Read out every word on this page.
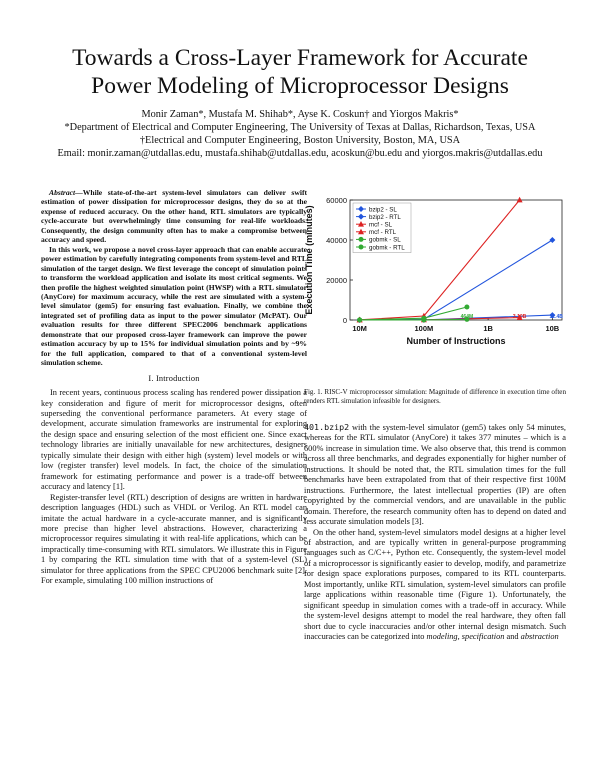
Towards a Cross-Layer Framework for Accurate
Power Modeling of Microprocessor Designs
Monir Zaman*, Mustafa M. Shihab*, Ayse K. Coskun† and Yiorgos Makris*
*Department of Electrical and Computer Engineering, The University of Texas at Dallas, Richardson, Texas, USA
†Electrical and Computer Engineering, Boston University, Boston, MA, USA
Email: monir.zaman@utdallas.edu, mustafa.shihab@utdallas.edu, acoskun@bu.edu and yiorgos.makris@utdallas.edu

Abstract—While state-of-the-art system-level simulators can deliver swift estimation of power dissipation for microprocessor designs, they do so at the expense of reduced accuracy. On the other hand, RTL simulators are typically cycle-accurate but overwhelmingly time consuming for real-life workloads. Consequently, the design community often has to make a compromise between accuracy and speed.

In this work, we propose a novel cross-layer approach that can enable accurate power estimation by carefully integrating components from system-level and RTL simulation of the target design. We first leverage the concept of simulation points to transform the workload application and isolate its most critical segments. We then profile the highest weighted simulation point (HWSP) with a RTL simulator (AnyCore) for maximum accuracy, while the rest are simulated with a system-level simulator (gem5) for ensuring fast evaluation. Finally, we combine the integrated set of profiling data as input to the power simulator (McPAT). Our evaluation results for three different SPEC2006 benchmark applications demonstrate that our proposed cross-layer framework can improve the power estimation accuracy by up to 15% for individual simulation points and by ~9% for the full application, compared to that of a conventional system-level simulation scheme.

I. Introduction

In recent years, continuous process scaling has rendered power dissipation a key consideration and figure of merit for microprocessor designs, often superseding the conventional performance parameters. At every stage of development, accurate simulation frameworks are instrumental for exploring the design space and ensuring selection of the most efficient one. Since exact technology libraries are initially unavailable for new architectures, designers typically simulate their design with either high (system) level models or with low (register transfer) level models. In fact, the choice of the simulation framework for estimating performance and power is a trade-off between accuracy and latency [1].

Register-transfer level (RTL) description of designs are written in hardware description languages (HDL) such as VHDL or Verilog. An RTL model can imitate the actual hardware in a cycle-accurate manner, and is significantly more precise than higher level abstractions. However, characterizing a microprocessor requires simulating it with real-life applications, which can be impractically time-consuming with RTL simulators. We illustrate this in Figure 1 by comparing the RTL simulation time with that of a system-level (SL) simulator for three applications from the SPEC CPU2006 benchmark suite [2]. For example, simulating 100 million instructions of

0
20000
40000
60000
10M	100M	1B	10B
Number of Instructions
Execution Time (minutes)
464M	3.10B	12.4B
bzip2 - SL
bzip2 - RTL
mcf - SL
mcf - RTL
gobmk - SL
gobmk - RTL
Fig. 1. RISC-V microprocessor simulation: Magnitude of difference in execution time often renders RTL simulation infeasible for designers.

401.bzip2 with the system-level simulator (gem5) takes only 54 minutes, whereas for the RTL simulator (AnyCore) it takes 377 minutes – which is a 600% increase in simulation time. We also observe that, this trend is common across all three benchmarks, and degrades exponentially for higher number of instructions. It should be noted that, the RTL simulation times for the full benchmarks have been extrapolated from that of their respective first 100M instructions. Furthermore, the latest intellectual properties (IP) are often copyrighted by the commercial vendors, and are unavailable in the public domain. Therefore, the research community often has to depend on dated and less accurate simulation models [3].

On the other hand, system-level simulators model designs at a higher level of abstraction, and are typically written in general-purpose programming languages such as C/C++, Python etc. Consequently, the system-level model of a microprocessor is significantly easier to develop, modify, and parametrize for design space explorations purposes, compared to its RTL counterparts. Most importantly, unlike RTL simulation, system-level simulators can profile large applications within reasonable time (Figure 1). Unfortunately, the significant speedup in simulation comes with a trade-off in accuracy. While the system-level designs attempt to model the real hardware, they often fall short due to cycle inaccuracies and/or other internal design mismatch. Such inaccuracies can be categorized into modeling, specification and abstraction
